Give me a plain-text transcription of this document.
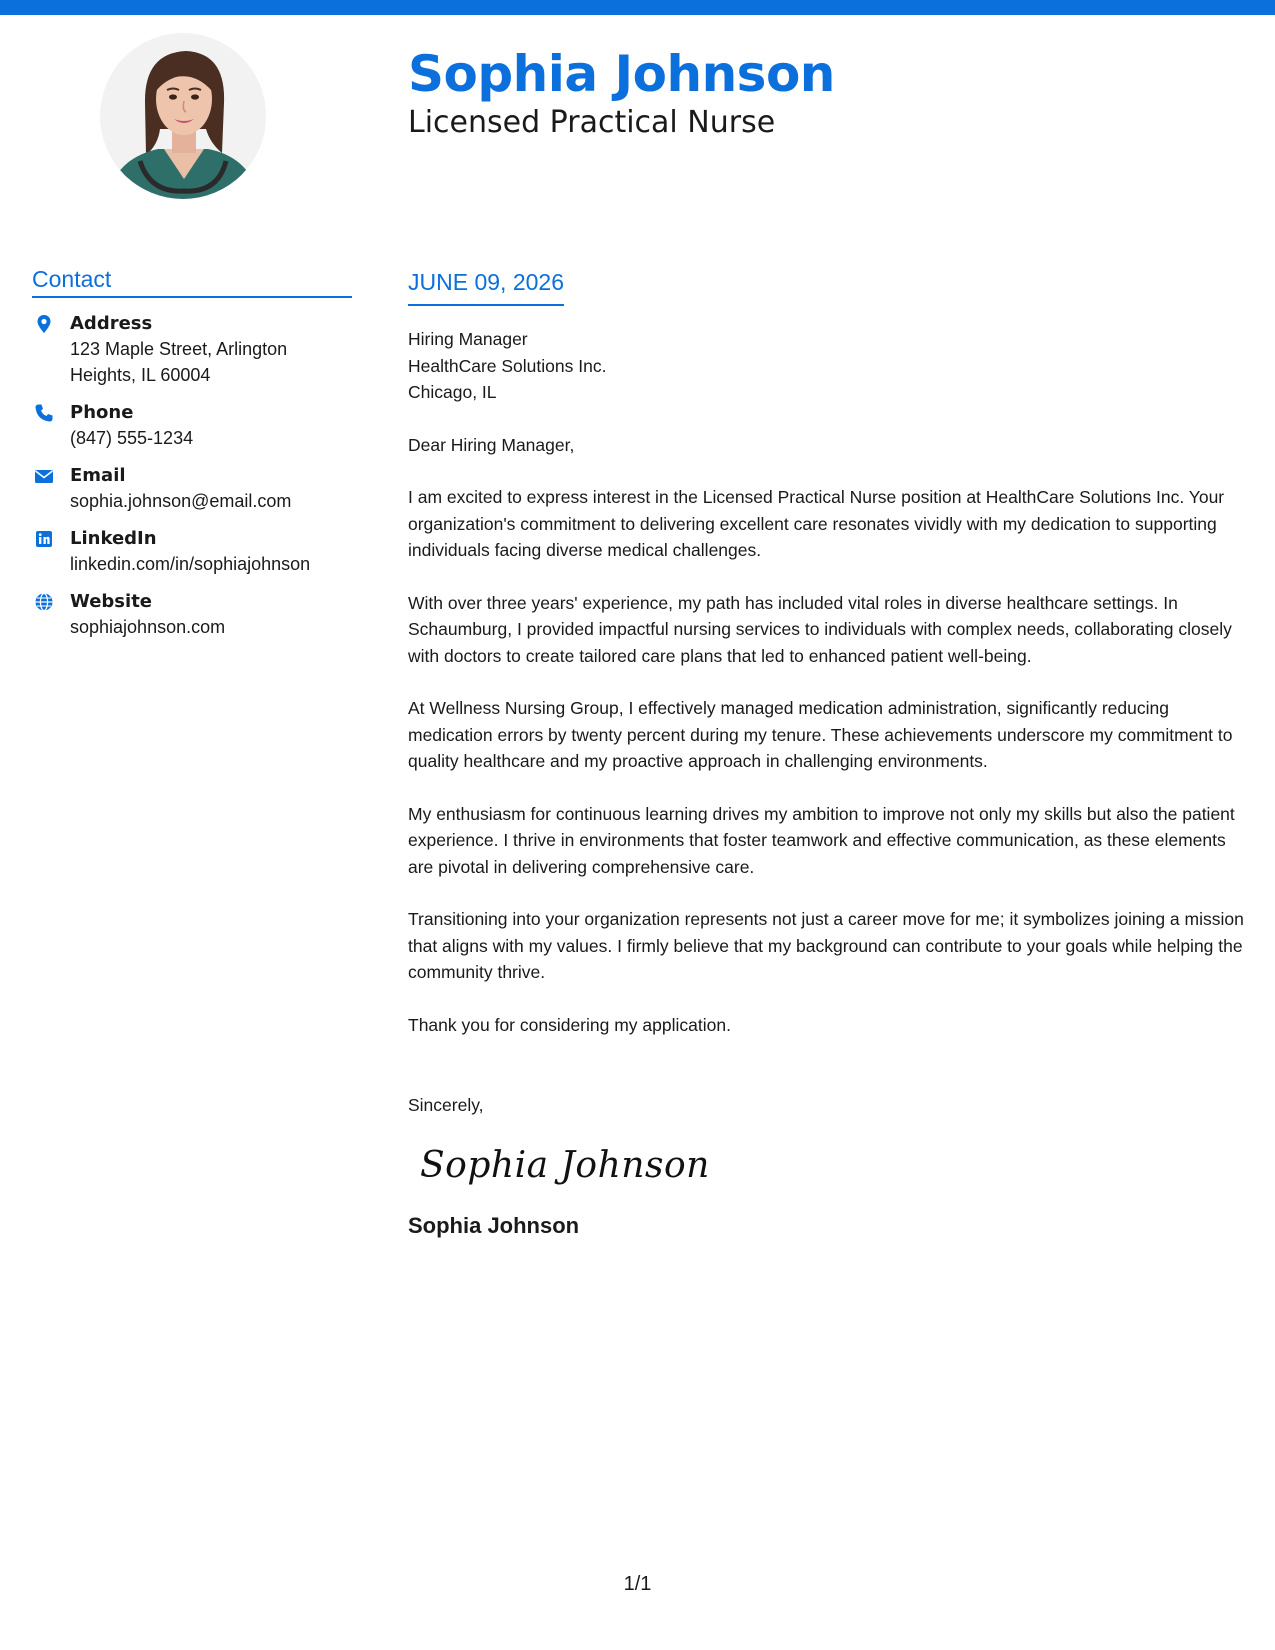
Sophia Johnson
Licensed Practical Nurse
Contact
Address
123 Maple Street, Arlington Heights, IL 60004
Phone
(847) 555-1234
Email
sophia.johnson@email.com
LinkedIn
linkedin.com/in/sophiajohnson
Website
sophiajohnson.com
JUNE 09, 2026
Hiring Manager
HealthCare Solutions Inc.
Chicago, IL
Dear Hiring Manager,

I am excited to express interest in the Licensed Practical Nurse position at HealthCare Solutions Inc. Your organization's commitment to delivering excellent care resonates vividly with my dedication to supporting individuals facing diverse medical challenges.

With over three years' experience, my path has included vital roles in diverse healthcare settings. In Schaumburg, I provided impactful nursing services to individuals with complex needs, collaborating closely with doctors to create tailored care plans that led to enhanced patient well-being.

At Wellness Nursing Group, I effectively managed medication administration, significantly reducing medication errors by twenty percent during my tenure. These achievements underscore my commitment to quality healthcare and my proactive approach in challenging environments.

My enthusiasm for continuous learning drives my ambition to improve not only my skills but also the patient experience. I thrive in environments that foster teamwork and effective communication, as these elements are pivotal in delivering comprehensive care.

Transitioning into your organization represents not just a career move for me; it symbolizes joining a mission that aligns with my values. I firmly believe that my background can contribute to your goals while helping the community thrive.

Thank you for considering my application.

Sincerely,
Sophia Johnson
Sophia Johnson
1/1
